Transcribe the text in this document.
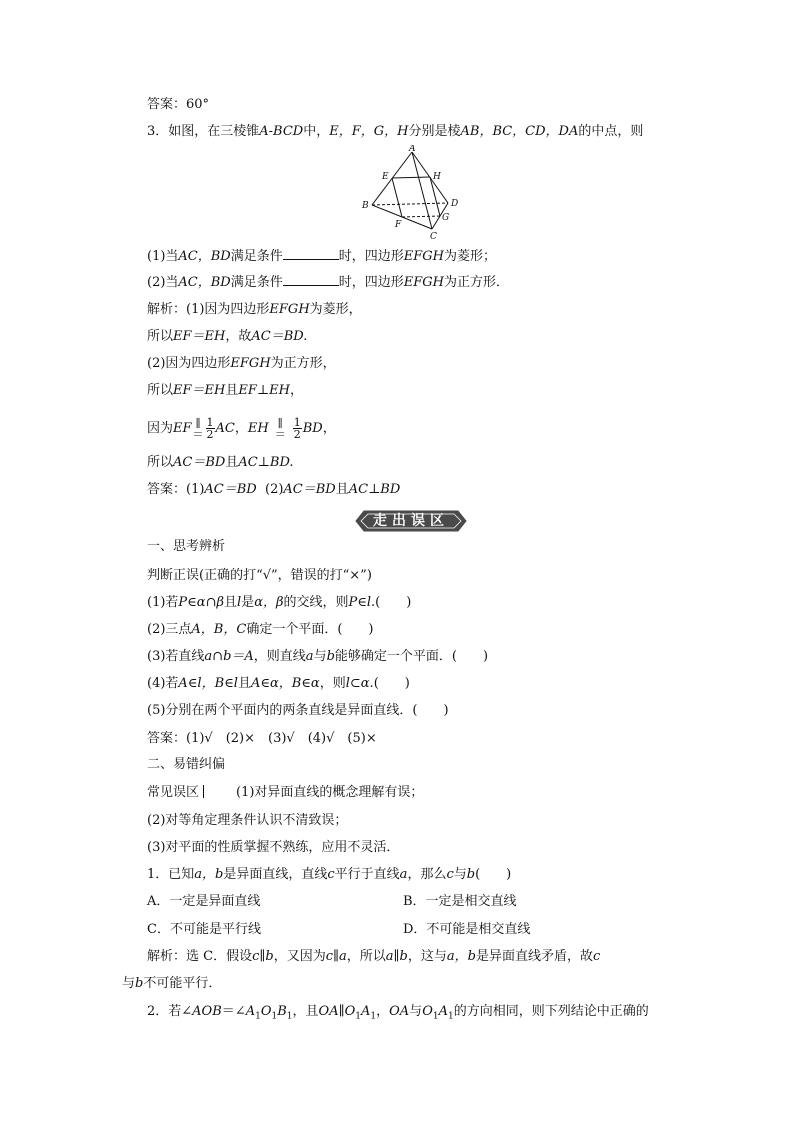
答案：60°
3．如图，在三棱锥A-BCD中，E，F，G，H分别是棱AB，BC，CD，DA的中点，则
A
B
C
D
E
F
G
H
(1)当AC，BD满足条件	时，四边形EFGH为菱形；
(2)当AC，BD满足条件	时，四边形EFGH为正方形．
解析：(1)因为四边形EFGH为菱形，
所以EF＝EH，故AC＝BD.
(2)因为四边形EFGH为正方形，
所以EF＝EH且EF⊥EH，
因为EF ∥
＝ $\frac{1}{2}$ AC，EH ∥
＝ $\frac{1}{2}$ BD，
所以AC＝BD且AC⊥BD.
答案：(1)AC＝BD (2)AC＝BD且AC⊥BD
走出误区
一、思考辨析
判断正误(正确的打“√”，错误的打“×”)
(1)若P∈α∩β且l是α，β的交线，则P∈l.(　　)
(2)三点A，B，C确定一个平面．(　　)
(3)若直线a∩b＝A，则直线a与b能够确定一个平面．(　　)
(4)若A∈l，B∈l且A∈α，B∈α，则l⊂α.(　　)
(5)分别在两个平面内的两条直线是异面直线．(　　)
答案：(1)√　(2)×　(3)√　(4)√　(5)×
二、易错纠偏
常见误区	(1)对异面直线的概念理解有误；
(2)对等角定理条件认识不清致误；
(3)对平面的性质掌握不熟练，应用不灵活．
1．已知a，b是异面直线，直线c平行于直线a，那么c与b(　　)
A．一定是异面直线	B．一定是相交直线
C．不可能是平行线	D．不可能是相交直线
解析：选 C．假设c∥b，又因为c∥a，所以a∥b，这与a，b是异面直线矛盾，故c
与b不可能平行．
2．若$\angle AOB=\angle A_1O_1B_1$，且$OA\parallel O_1A_1$，OA与$O_1A_1$的方向相同，则下列结论中正确的
